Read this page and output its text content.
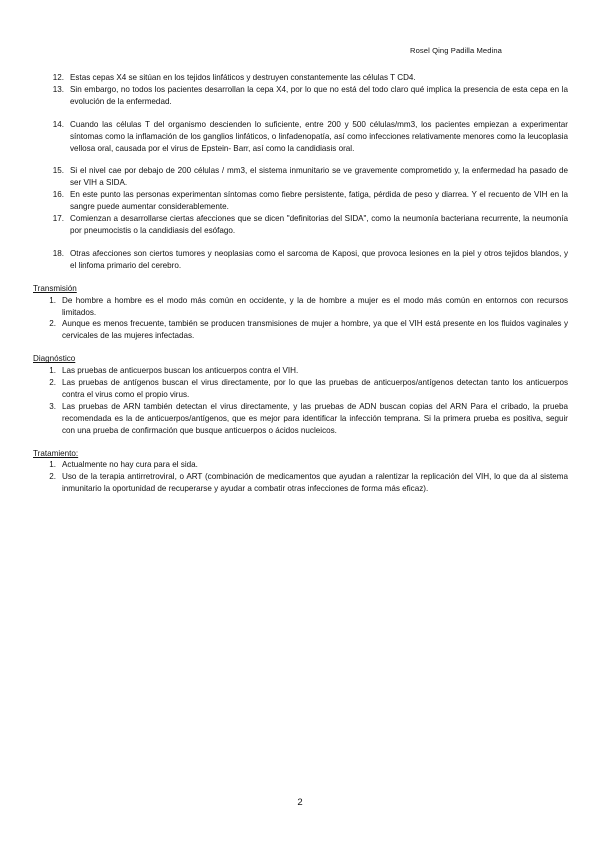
Rosel Qing Padilla Medina
12. Estas cepas X4 se sitúan en los tejidos linfáticos y destruyen constantemente las células T CD4.
13. Sin embargo, no todos los pacientes desarrollan la cepa X4, por lo que no está del todo claro qué implica la presencia de esta cepa en la evolución de la enfermedad.
14. Cuando las células T del organismo descienden lo suficiente, entre 200 y 500 células/mm3, los pacientes empiezan a experimentar síntomas como la inflamación de los ganglios linfáticos, o linfadenopatía, así como infecciones relativamente menores como la leucoplasia vellosa oral, causada por el virus de Epstein- Barr, así como la candidiasis oral.
15. Si el nivel cae por debajo de 200 células / mm3, el sistema inmunitario se ve gravemente comprometido y, la enfermedad ha pasado de ser VIH a SIDA.
16. En este punto las personas experimentan síntomas como fiebre persistente, fatiga, pérdida de peso y diarrea. Y el recuento de VIH en la sangre puede aumentar considerablemente.
17. Comienzan a desarrollarse ciertas afecciones que se dicen "definitorias del SIDA", como la neumonía bacteriana recurrente, la neumonía por pneumocistis o la candidiasis del esófago.
18. Otras afecciones son ciertos tumores y neoplasias como el sarcoma de Kaposi, que provoca lesiones en la piel y otros tejidos blandos, y el linfoma primario del cerebro.

Transmisión

1. De hombre a hombre es el modo más común en occidente, y la de hombre a mujer es el modo más común en entornos con recursos limitados.
2. Aunque es menos frecuente, también se producen transmisiones de mujer a hombre, ya que el VIH está presente en los fluidos vaginales y cervicales de las mujeres infectadas.

Diagnóstico

1. Las pruebas de anticuerpos buscan los anticuerpos contra el VIH.
2. Las pruebas de antígenos buscan el virus directamente, por lo que las pruebas de anticuerpos/antígenos detectan tanto los anticuerpos contra el virus como el propio virus.
3. Las pruebas de ARN también detectan el virus directamente, y las pruebas de ADN buscan copias del ARN Para el cribado, la prueba recomendada es la de anticuerpos/antígenos, que es mejor para identificar la infección temprana. Si la primera prueba es positiva, seguir con una prueba de confirmación que busque anticuerpos o ácidos nucleicos.

Tratamiento:

1. Actualmente no hay cura para el sida.
2. Uso de la terapia antirretroviral, o ART (combinación de medicamentos que ayudan a ralentizar la replicación del VIH, lo que da al sistema inmunitario la oportunidad de recuperarse y ayudar a combatir otras infecciones de forma más eficaz).
2
